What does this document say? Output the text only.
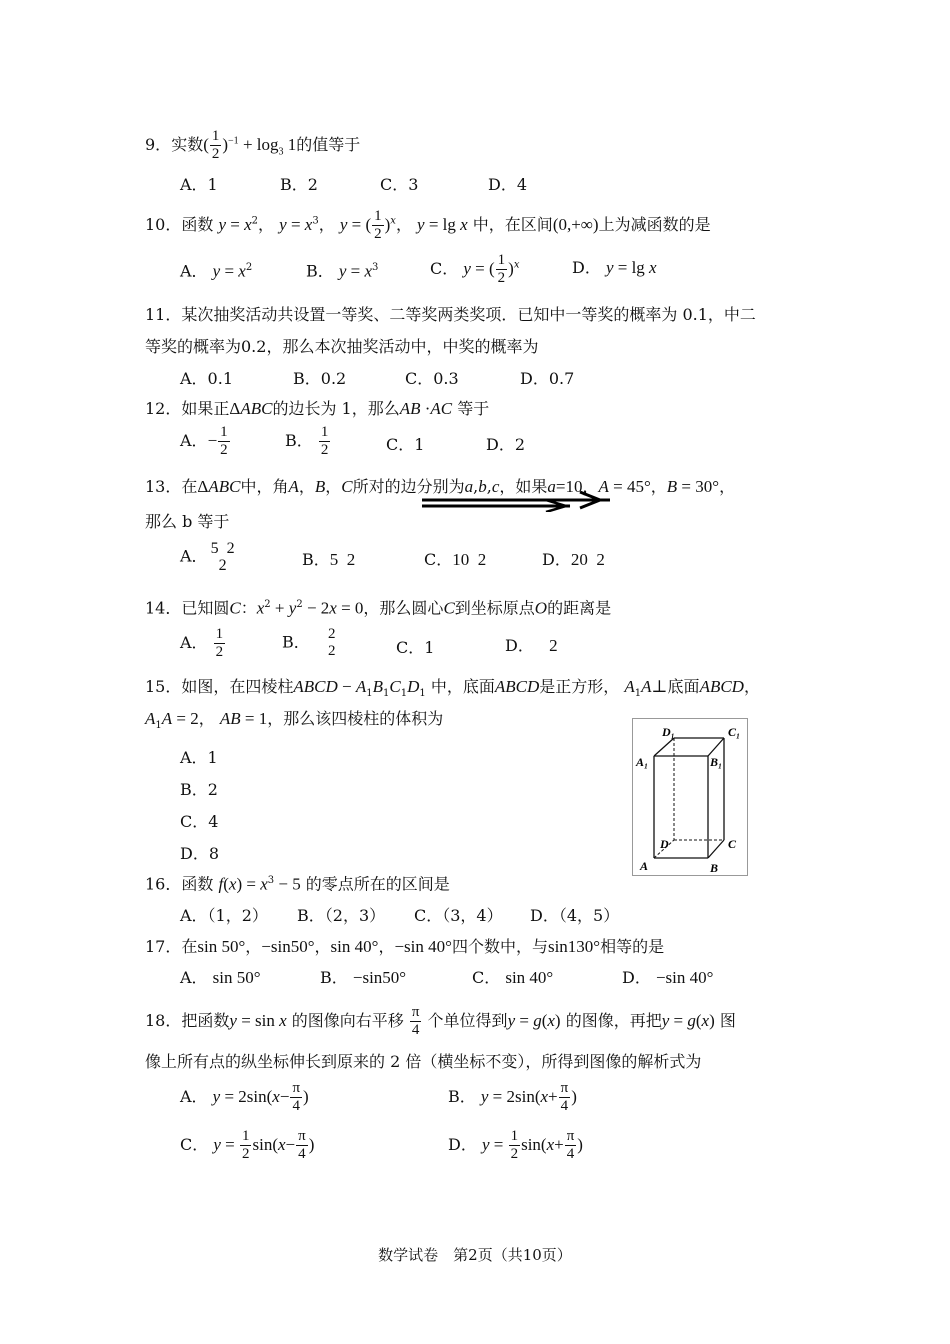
9．实数( $\frac{1}{2} )^{-1} + \log_3 1$的值等于
A．1	B．2	C．3	D．4
10．函数 $y = x^2$， $y = x^3$， y = ( $\frac{1}{2} )^x$， y = lg x 中，在区间(0,+∞)上为减函数的是
A． $y = x^2$	B． $y = x^3$	C． y = ( $\frac{1}{2} )^x$	D． y = lg x
11．某次抽奖活动共设置一等奖、二等奖两类奖项．已知中一等奖的概率为 0.1，中二
等奖的概率为0.2，那么本次抽奖活动中，中奖的概率为
A．0.1	B．0.2	C．0.3	D．0.7
12．如果正ΔABC的边长为 1，那么AB ·AC 等于
A．− $\frac{1}{2}$	B． $\frac{1}{2}$	C．1	D．2
13．在ΔABC中，角A，B，C所对的边分别为a,b,c，如果a=10，A = 45°，B = 30°，
那么 b 等于
A． 5  2
2	B．5  2	C．10  2	D．20  2
14．已知圆C：$x^2 + y^2 - 2x = 0$，那么圆心C到坐标原点O的距离是
A． $\frac{1}{2}$	B． 2
2	C．1	D． 2
15．如图，在四棱柱ABCD − $A_1B_1C_1D_1$ 中，底面ABCD是正方形， $A_1A\perp$底面ABCD，
$A_1A = 2$， AB = 1，那么该四棱柱的体积为
A．1
B．2
C．4
D．8
D₁	C₁
A₁	B₁
D	C
A	B
16．函数 $f(x) = x^3 - 5$ 的零点所在的区间是
A．（1，2） B．（2，3） C．（3，4） D．（4，5）
17．在sin 50°，−sin50°，sin 40°，−sin 40°四个数中，与sin130°相等的是
A． sin 50°	B． −sin50°	C． sin 40°	D． −sin 40°
18．把函数y = sin x 的图像向右平移 $\frac{\pi}{4}$ 个单位得到y = g(x) 的图像，再把y = g(x) 图
像上所有点的纵坐标伸长到原来的 2 倍（横坐标不变），所得到图像的解析式为
A． $y = 2\sin(x- \frac{\pi}{4}$ )	B． $y = 2\sin(x+ \frac{\pi}{4}$ )
C． $y = \frac{1}{2} \sin(x- \frac{\pi}{4}$ )	D． $y = \frac{1}{2} \sin(x+ \frac{\pi}{4}$ )
数学试卷　第2页（共10页）
